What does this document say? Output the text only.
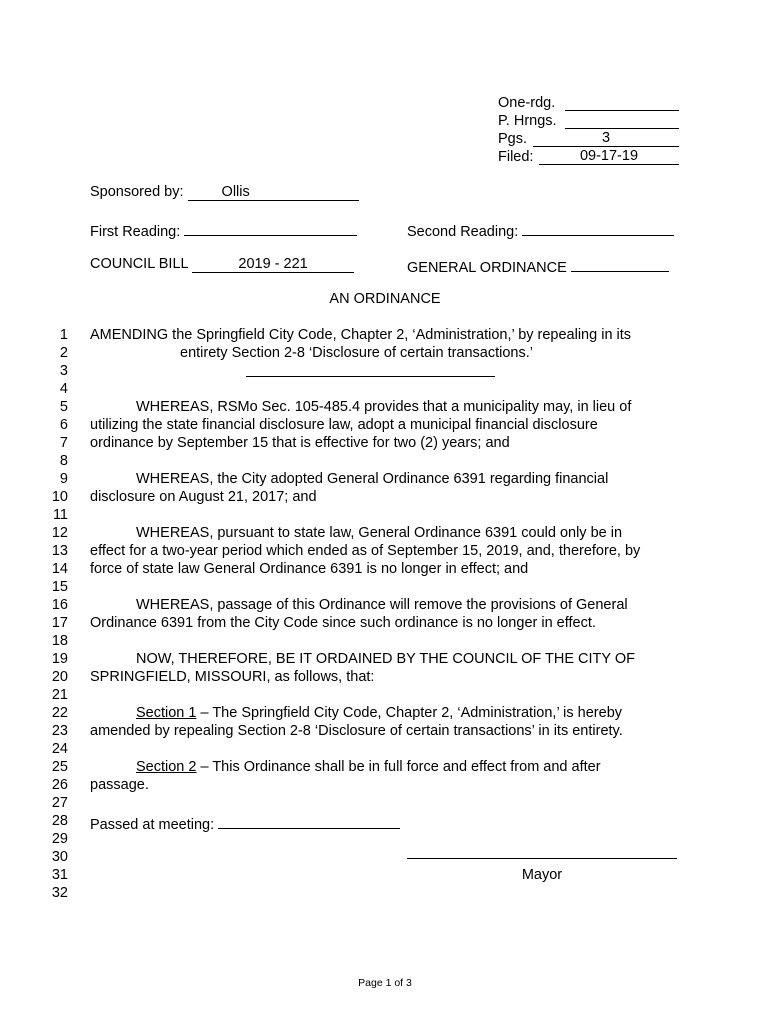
One-rdg.
P. Hrngs.
Pgs.	3
Filed:	09-17-19
Sponsored by:	Ollis
First Reading:	Second Reading:
COUNCIL BILL	2019 - 221	GENERAL ORDINANCE
AN ORDINANCE
1
2
3
4
5
6
7
8
9
10
11
12
13
14
15
16
17
18
19
20
21
22
23
24
25
26
27
28
29
30
31
32
AMENDING the Springfield City Code, Chapter 2, ‘Administration,’ by repealing in its
entirety Section 2-8 ‘Disclosure of certain transactions.’
WHEREAS, RSMo Sec. 105-485.4 provides that a municipality may, in lieu of
utilizing the state financial disclosure law, adopt a municipal financial disclosure
ordinance by September 15 that is effective for two (2) years; and
WHEREAS, the City adopted General Ordinance 6391 regarding financial
disclosure on August 21, 2017; and
WHEREAS, pursuant to state law, General Ordinance 6391 could only be in
effect for a two-year period which ended as of September 15, 2019, and, therefore, by
force of state law General Ordinance 6391 is no longer in effect; and
WHEREAS, passage of this Ordinance will remove the provisions of General
Ordinance 6391 from the City Code since such ordinance is no longer in effect.
NOW, THEREFORE, BE IT ORDAINED BY THE COUNCIL OF THE CITY OF
SPRINGFIELD, MISSOURI, as follows, that:
Section 1 – The Springfield City Code, Chapter 2, ‘Administration,’ is hereby
amended by repealing Section 2-8 ‘Disclosure of certain transactions’ in its entirety.
Section 2 – This Ordinance shall be in full force and effect from and after
passage.
Passed at meeting:
Mayor
Page 1 of 3
